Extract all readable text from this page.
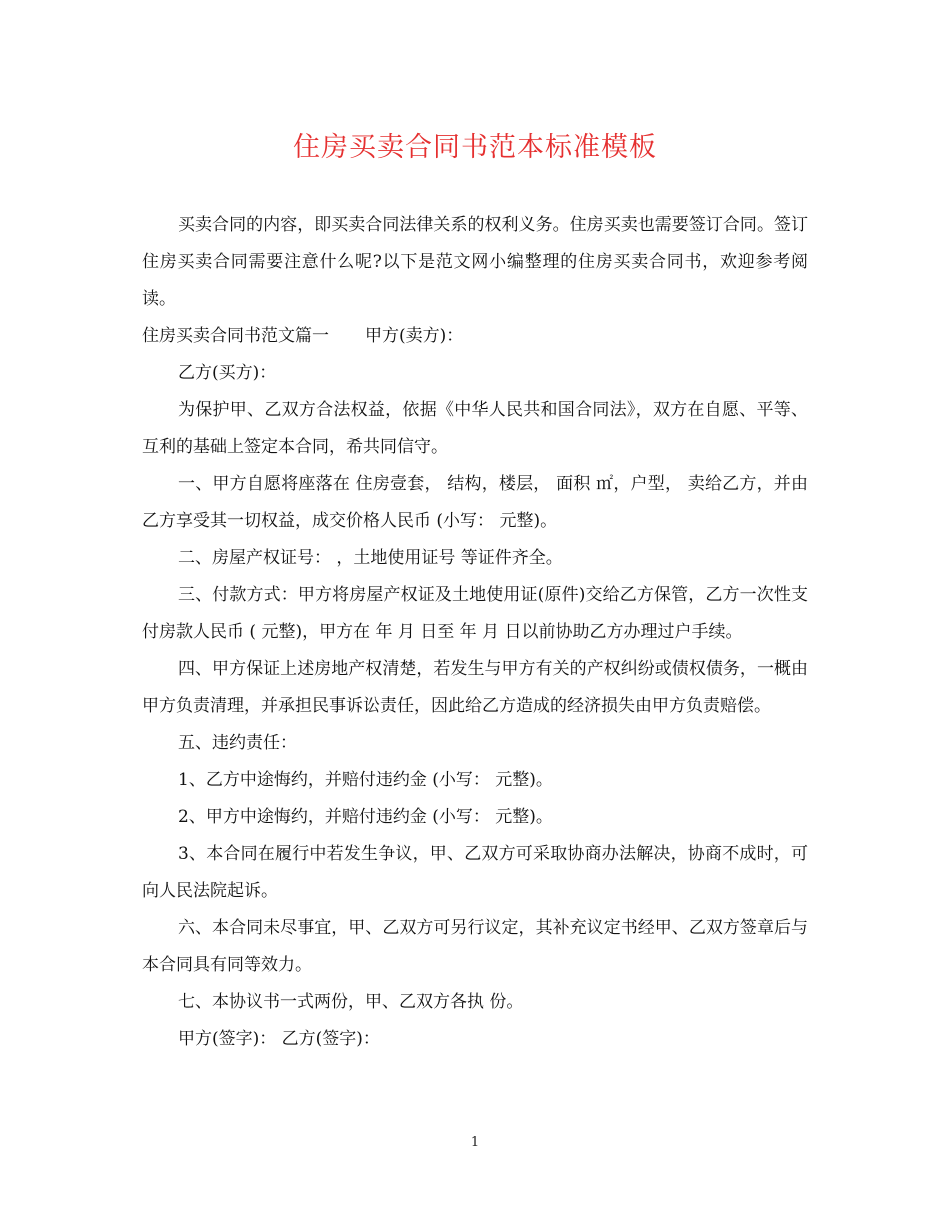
住房买卖合同书范本标准模板

买卖合同的内容，即买卖合同法律关系的权利义务。住房买卖也需要签订合同。签订住房买卖合同需要注意什么呢?以下是范文网小编整理的住房买卖合同书，欢迎参考阅读。

住房买卖合同书范文篇一 甲方(卖方)：

乙方(买方)：

为保护甲、乙双方合法权益，依据《中华人民共和国合同法》，双方在自愿、平等、互利的基础上签定本合同，希共同信守。

一、甲方自愿将座落在 住房壹套， 结构，楼层， 面积 ㎡，户型， 卖给乙方，并由乙方享受其一切权益，成交价格人民币 (小写： 元整)。

二、房屋产权证号： ，土地使用证号 等证件齐全。

三、付款方式：甲方将房屋产权证及土地使用证(原件)交给乙方保管，乙方一次性支付房款人民币 ( 元整)，甲方在 年 月 日至 年 月 日以前协助乙方办理过户手续。

四、甲方保证上述房地产权清楚，若发生与甲方有关的产权纠纷或债权债务，一概由甲方负责清理，并承担民事诉讼责任，因此给乙方造成的经济损失由甲方负责赔偿。

五、违约责任：

1、乙方中途悔约，并赔付违约金 (小写： 元整)。

2、甲方中途悔约，并赔付违约金 (小写： 元整)。

3、本合同在履行中若发生争议，甲、乙双方可采取协商办法解决，协商不成时，可向人民法院起诉。

六、本合同未尽事宜，甲、乙双方可另行议定，其补充议定书经甲、乙双方签章后与本合同具有同等效力。

七、本协议书一式两份，甲、乙双方各执 份。

甲方(签字)： 乙方(签字)：

1
